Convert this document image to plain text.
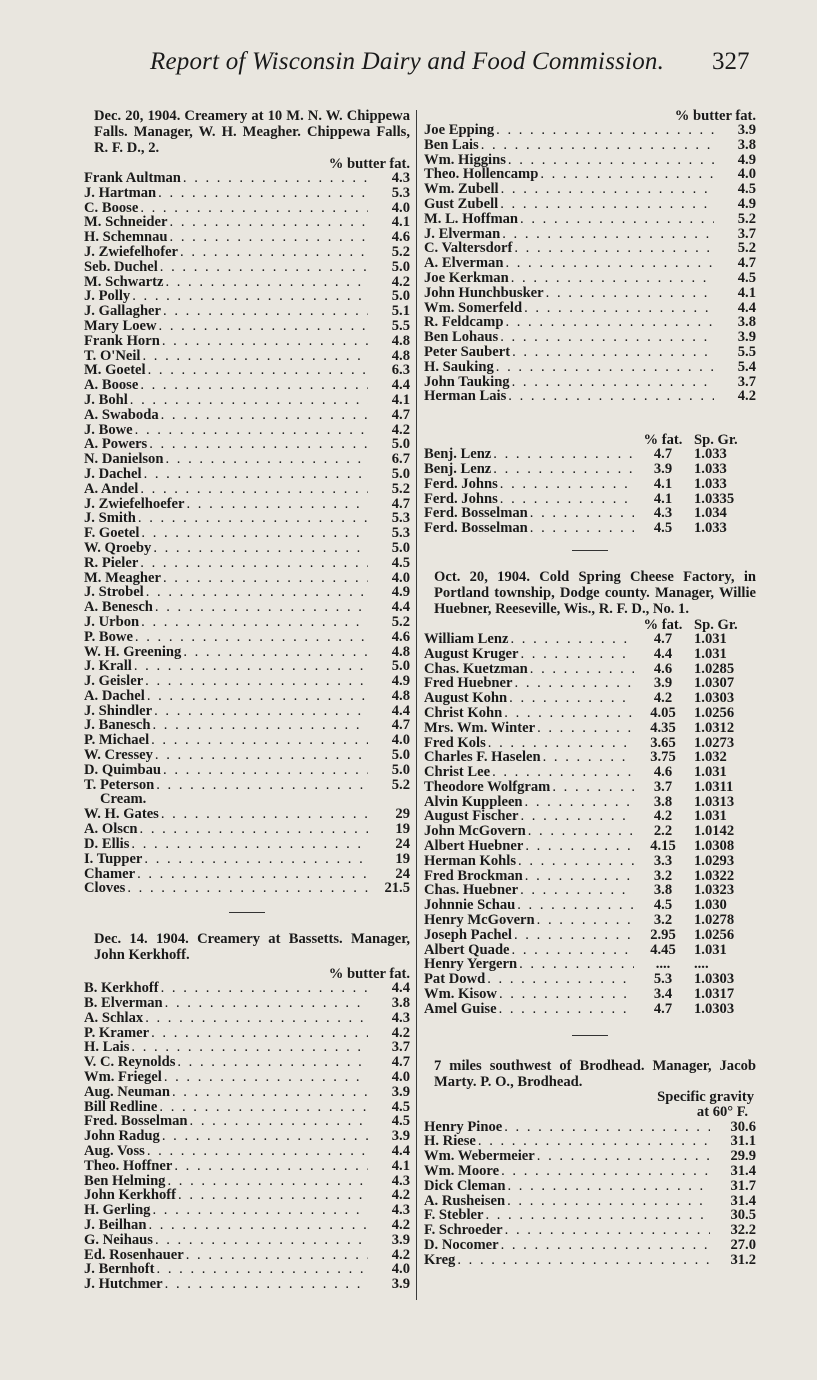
Report of Wisconsin Dairy and Food Commission. 327
Dec. 20, 1904. Creamery at 10 M. N. W. Chippewa Falls. Manager, W. H. Meagher. Chippewa Falls, R. F. D., 2.
% butter fat.
Frank Aultman . . .	4.3
J. Hartman . . .	5.3
C. Boose . . .	4.0
M. Schneider . . .	4.1
H. Schemnau . . .	4.6
J. Zwiefelhofer . . .	5.2
Seb. Duchel . . .	5.0
M. Schwartz . . .	4.2
J. Polly . . .	5.0
J. Gallagher . . .	5.1
Mary Loew . . .	5.5
Frank Horn . . .	4.8
T. O'Neil . . .	4.8
M. Goetel . . .	6.3
A. Boose . . .	4.4
J. Bohl . . .	4.1
A. Swaboda . . .	4.7
J. Bowe . . .	4.2
A. Powers . . .	5.0
N. Danielson . . .	6.7
J. Dachel . . .	5.0
A. Andel . . .	5.2
J. Zwiefelhoefer . . .	4.7
J. Smith . . .	5.3
F. Goetel . . .	5.3
W. Qroeby . . .	5.0
R. Pieler . . .	4.5
M. Meagher . . .	4.0
J. Strobel . . .	4.9
A. Benesch . . .	4.4
J. Urbon . . .	5.2
P. Bowe . . .	4.6
W. H. Greening . . .	4.8
J. Krall . . .	5.0
J. Geisler . . .	4.9
A. Dachel . . .	4.8
J. Shindler . . .	4.4
J. Banesch . . .	4.7
P. Michael . . .	4.0
W. Cressey . . .	5.0
D. Quimbau . . .	5.0
T. Peterson . . .	5.2
Cream.
W. H. Gates . . .	29
A. Olscn . . .	19
D. Ellis . . .	24
I. Tupper . . .	19
Chamer . . .	24
Cloves . . .	21.5
Dec. 14. 1904. Creamery at Bassetts. Manager, John Kerkhoff.
% butter fat.
B. Kerkhoff . . .	4.4
B. Elverman . . .	3.8
A. Schlax . . .	4.3
P. Kramer . . .	4.2
H. Lais . . .	3.7
V. C. Reynolds . . .	4.7
Wm. Friegel . . .	4.0
Aug. Neuman . . .	3.9
Bill Redline . . .	4.5
Fred. Bosselman . . .	4.5
John Radug . . .	3.9
Aug. Voss . . .	4.4
Theo. Hoffner . . .	4.1
Ben Helming . . .	4.3
John Kerkhoff . . .	4.2
H. Gerling . . .	4.3
J. Beilhan . . .	4.2
G. Neihaus . . .	3.9
Ed. Rosenhauer . . .	4.2
J. Bernhoft . . .	4.0
J. Hutchmer . . .	3.9
% butter fat.
Joe Epping . . .	3.9
Ben Lais . . .	3.8
Wm. Higgins . . .	4.9
Theo. Hollencamp . . .	4.0
Wm. Zubell . . .	4.5
Gust Zubell . . .	4.9
M. L. Hoffman . . .	5.2
J. Elverman . . .	3.7
C. Valtersdorf . . .	5.2
A. Elverman . . .	4.7
Joe Kerkman . . .	4.5
John Hunchbusker . . .	4.1
Wm. Somerfeld . . .	4.4
R. Feldcamp . . .	3.8
Ben Lohaus . . .	3.9
Peter Saubert . . .	5.5
H. Sauking . . .	5.4
John Tauking . . .	3.7
Herman Lais . . .	4.2
% fat. Sp. Gr.
Benj. Lenz . . .	4.7	1.033
Benj. Lenz . . .	3.9	1.033
Ferd. Johns . . .	4.1	1.033
Ferd. Johns . . .	4.1	1.0335
Ferd. Bosselman . . .	4.3	1.034
Ferd. Bosselman . . .	4.5	1.033
Oct. 20, 1904. Cold Spring Cheese Factory, in Portland township, Dodge county. Manager, Willie Huebner, Reeseville, Wis., R. F. D., No. 1.
% fat. Sp. Gr.
William Lenz . . .	4.7	1.031
August Kruger . . .	4.4	1.031
Chas. Kuetzman . . .	4.6	1.0285
Fred Huebner . . .	3.9	1.0307
August Kohn . . .	4.2	1.0303
Christ Kohn . . .	4.05	1.0256
Mrs. Wm. Winter . . .	4.35	1.0312
Fred Kols . . .	3.65	1.0273
Charles F. Haselen . . .	3.75	1.032
Christ Lee . . .	4.6	1.031
Theodore Wolfgram . . .	3.7	1.0311
Alvin Kuppleen . . .	3.8	1.0313
August Fischer . . .	4.2	1.031
John McGovern . . .	2.2	1.0142
Albert Huebner . . .	4.15	1.0308
Herman Kohls . . .	3.3	1.0293
Fred Brockman . . .	3.2	1.0322
Chas. Huebner . . .	3.8	1.0323
Johnnie Schau . . .	4.5	1.030
Henry McGovern . . .	3.2	1.0278
Joseph Pachel . . .	2.95	1.0256
Albert Quade . . .	4.45	1.031
Henry Yergern . . .	....	....
Pat Dowd . . .	5.3	1.0303
Wm. Kisow . . .	3.4	1.0317
Amel Guise . . .	4.7	1.0303
7 miles southwest of Brodhead. Manager, Jacob Marty. P. O., Brodhead.
Specific gravity
at 60° F.
Henry Pinoe . . .	30.6
H. Riese . . .	31.1
Wm. Webermeier . . .	29.9
Wm. Moore . . .	31.4
Dick Cleman . . .	31.7
A. Rusheisen . . .	31.4
F. Stebler . . .	30.5
F. Schroeder . . .	32.2
D. Nocomer . . .	27.0
Kreg . . .	31.2
